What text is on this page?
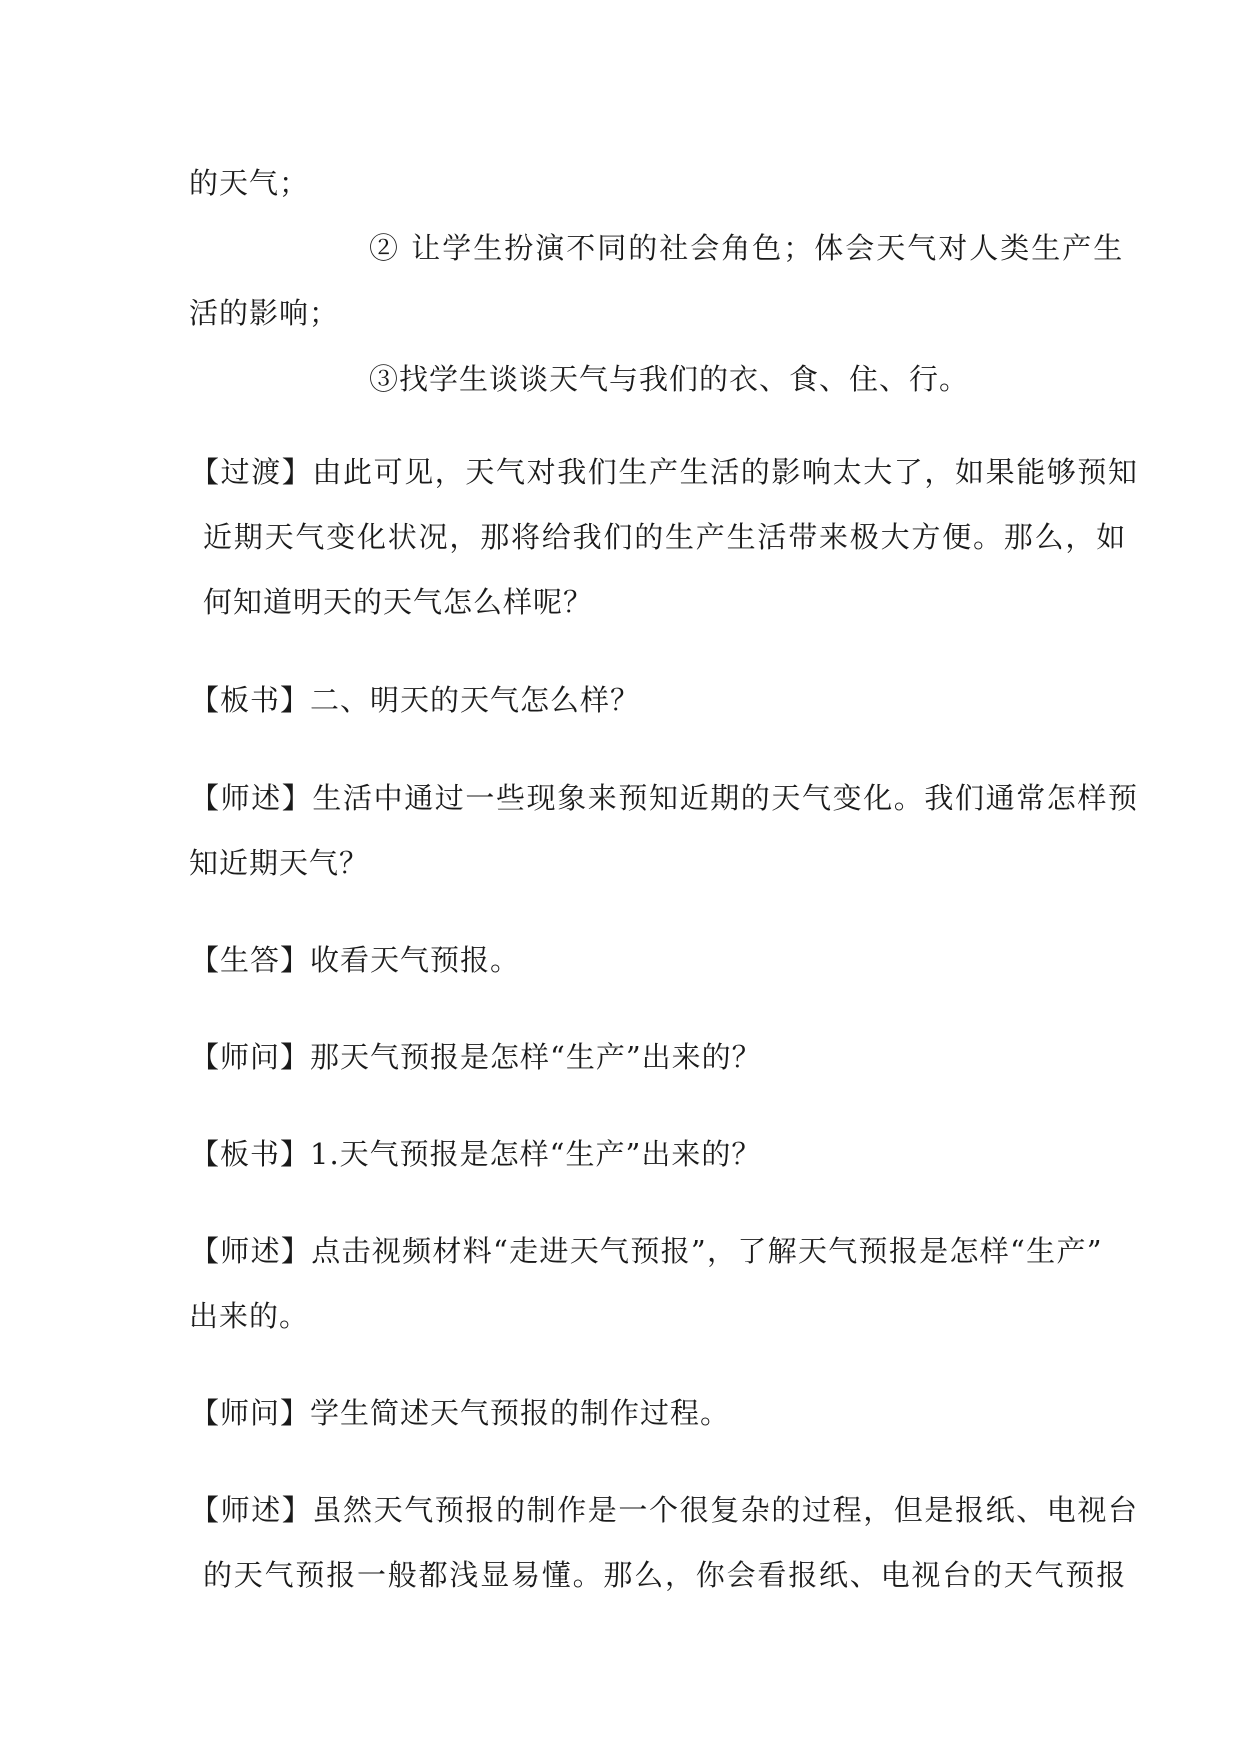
的天气；
② 让学生扮演不同的社会角色；体会天气对人类生产生
活的影响；
③找学生谈谈天气与我们的衣、食、住、行。
【过渡】由此可见，天气对我们生产生活的影响太大了，如果能够预知
近期天气变化状况，那将给我们的生产生活带来极大方便。那么，如
何知道明天的天气怎么样呢？
【板书】二、明天的天气怎么样？
【师述】生活中通过一些现象来预知近期的天气变化。我们通常怎样预
知近期天气？
【生答】收看天气预报。
【师问】那天气预报是怎样“生产”出来的？
【板书】1.天气预报是怎样“生产”出来的？
【师述】点击视频材料“走进天气预报”，了解天气预报是怎样“生产”
出来的。
【师问】学生简述天气预报的制作过程。
【师述】虽然天气预报的制作是一个很复杂的过程，但是报纸、电视台
的天气预报一般都浅显易懂。那么，你会看报纸、电视台的天气预报
